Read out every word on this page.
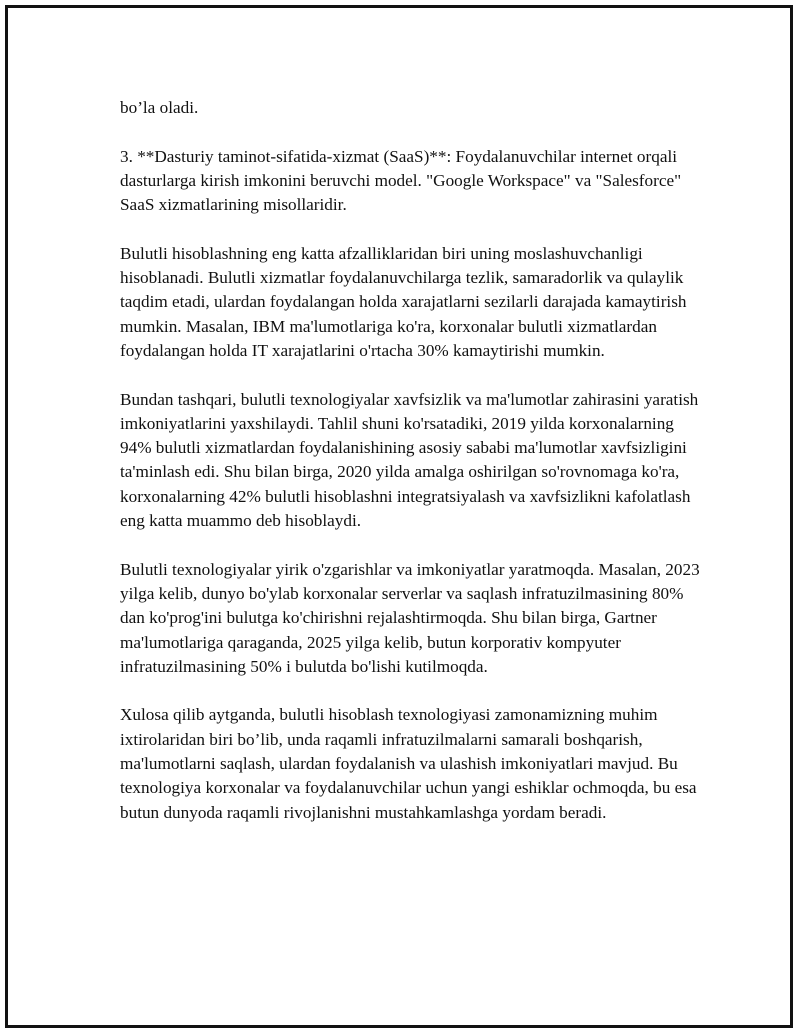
bo’la oladi.

3. **Dasturiy taminot-sifatida-xizmat (SaaS)**: Foydalanuvchilar internet orqali dasturlarga kirish imkonini beruvchi model. "Google Workspace" va "Salesforce" SaaS xizmatlarining misollaridir.

Bulutli hisoblashning eng katta afzalliklaridan biri uning moslashuvchanligi hisoblanadi. Bulutli xizmatlar foydalanuvchilarga tezlik, samaradorlik va qulaylik taqdim etadi, ulardan foydalangan holda xarajatlarni sezilarli darajada kamaytirish mumkin. Masalan, IBM ma'lumotlariga ko'ra, korxonalar bulutli xizmatlardan foydalangan holda IT xarajatlarini o'rtacha 30% kamaytirishi mumkin.

Bundan tashqari, bulutli texnologiyalar xavfsizlik va ma'lumotlar zahirasini yaratish imkoniyatlarini yaxshilaydi. Tahlil shuni ko'rsatadiki, 2019 yilda korxonalarning 94% bulutli xizmatlardan foydalanishining asosiy sababi ma'lumotlar xavfsizligini ta'minlash edi. Shu bilan birga, 2020 yilda amalga oshirilgan so'rovnomaga ko'ra, korxonalarning 42% bulutli hisoblashni integratsiyalash va xavfsizlikni kafolatlash eng katta muammo deb hisoblaydi.

Bulutli texnologiyalar yirik o'zgarishlar va imkoniyatlar yaratmoqda. Masalan, 2023 yilga kelib, dunyo bo'ylab korxonalar serverlar va saqlash infratuzilmasining 80% dan ko'prog'ini bulutga ko'chirishni rejalashtirmoqda. Shu bilan birga, Gartner ma'lumotlariga qaraganda, 2025 yilga kelib, butun korporativ kompyuter infratuzilmasining 50% i bulutda bo'lishi kutilmoqda.

Xulosa qilib aytganda, bulutli hisoblash texnologiyasi zamonamizning muhim ixtirolaridan biri bo’lib, unda raqamli infratuzilmalarni samarali boshqarish, ma'lumotlarni saqlash, ulardan foydalanish va ulashish imkoniyatlari mavjud. Bu texnologiya korxonalar va foydalanuvchilar uchun yangi eshiklar ochmoqda, bu esa butun dunyoda raqamli rivojlanishni mustahkamlashga yordam beradi.
